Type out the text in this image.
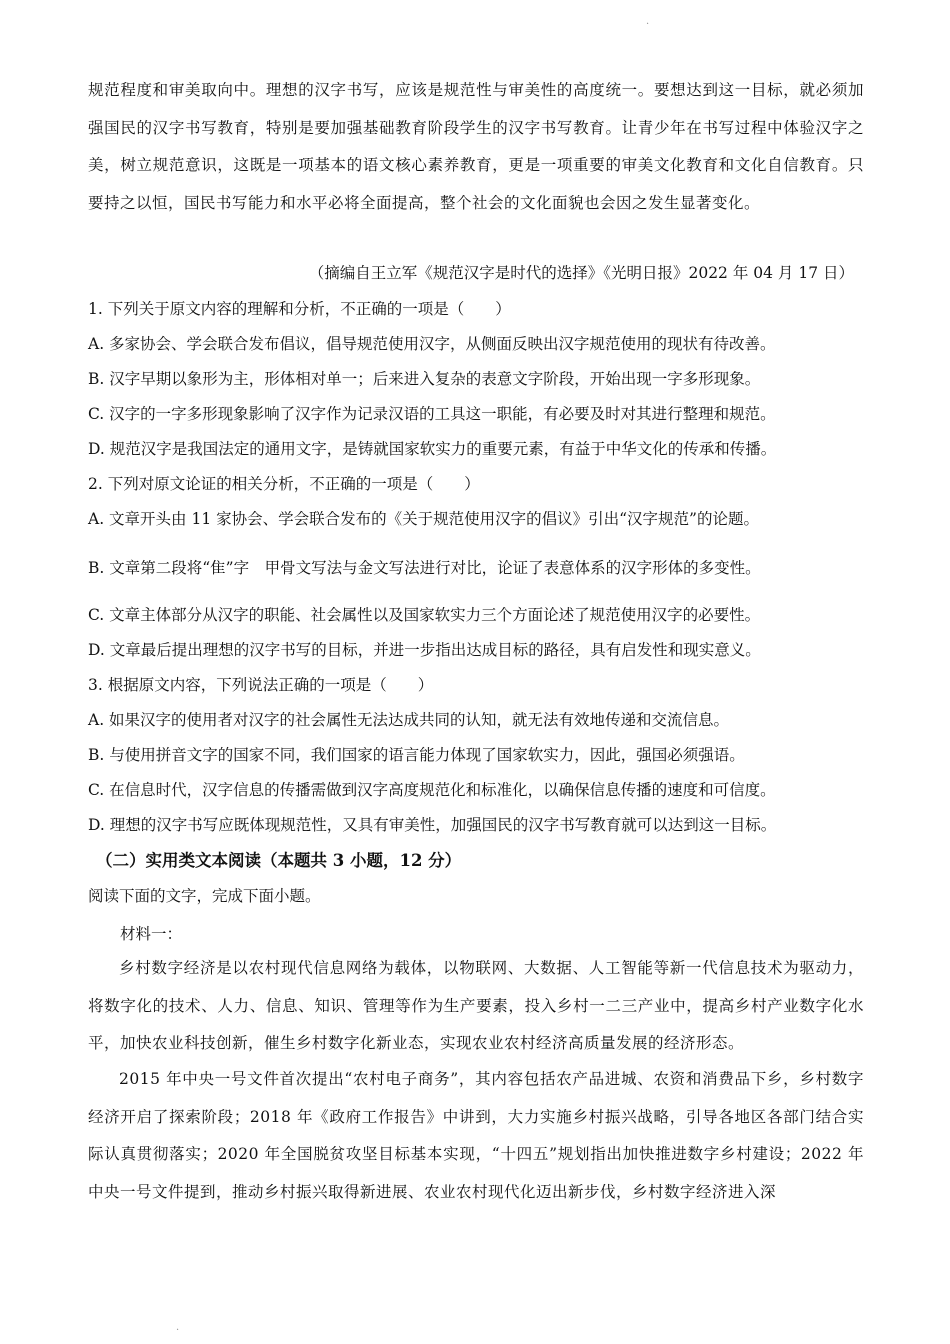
·

规范程度和审美取向中。理想的汉字书写，应该是规范性与审美性的高度统一。要想达到这一目标，就必须加强国民的汉字书写教育，特别是要加强基础教育阶段学生的汉字书写教育。让青少年在书写过程中体验汉字之美，树立规范意识，这既是一项基本的语文核心素养教育，更是一项重要的审美文化教育和文化自信教育。只要持之以恒，国民书写能力和水平必将全面提高，整个社会的文化面貌也会因之发生显著变化。

（摘编自王立军《规范汉字是时代的选择》《光明日报》2022 年 04 月 17 日）
1. 下列关于原文内容的理解和分析，不正确的一项是（　　）
A. 多家协会、学会联合发布倡议，倡导规范使用汉字，从侧面反映出汉字规范使用的现状有待改善。
B. 汉字早期以象形为主，形体相对单一；后来进入复杂的表意文字阶段，开始出现一字多形现象。
C. 汉字的一字多形现象影响了汉字作为记录汉语的工具这一职能，有必要及时对其进行整理和规范。
D. 规范汉字是我国法定的通用文字，是铸就国家软实力的重要元素，有益于中华文化的传承和传播。
2. 下列对原文论证的相关分析，不正确的一项是（　　）
A. 文章开头由 11 家协会、学会联合发布的《关于规范使用汉字的倡议》引出“汉字规范”的论题。
B. 文章第二段将“隹”字　甲骨文写法与金文写法进行对比，论证了表意体系的汉字形体的多变性。
C. 文章主体部分从汉字的职能、社会属性以及国家软实力三个方面论述了规范使用汉字的必要性。
D. 文章最后提出理想的汉字书写的目标，并进一步指出达成目标的路径，具有启发性和现实意义。
3. 根据原文内容，下列说法正确的一项是（　　）
A. 如果汉字的使用者对汉字的社会属性无法达成共同的认知，就无法有效地传递和交流信息。
B. 与使用拼音文字的国家不同，我们国家的语言能力体现了国家软实力，因此，强国必须强语。
C. 在信息时代，汉字信息的传播需做到汉字高度规范化和标准化，以确保信息传播的速度和可信度。
D. 理想的汉字书写应既体现规范性，又具有审美性，加强国民的汉字书写教育就可以达到这一目标。
（二）实用类文本阅读（本题共 3 小题，12 分）
阅读下面的文字，完成下面小题。
材料一：

乡村数字经济是以农村现代信息网络为载体，以物联网、大数据、人工智能等新一代信息技术为驱动力，将数字化的技术、人力、信息、知识、管理等作为生产要素，投入乡村一二三产业中，提高乡村产业数字化水平，加快农业科技创新，催生乡村数字化新业态，实现农业农村经济高质量发展的经济形态。

2015 年中央一号文件首次提出“农村电子商务”，其内容包括农产品进城、农资和消费品下乡，乡村数字经济开启了探索阶段；2018 年《政府工作报告》中讲到，大力实施乡村振兴战略，引导各地区各部门结合实际认真贯彻落实；2020 年全国脱贫攻坚目标基本实现，“十四五”规划指出加快推进数字乡村建设；2022 年中央一号文件提到，推动乡村振兴取得新进展、农业农村现代化迈出新步伐，乡村数字经济进入深

·
